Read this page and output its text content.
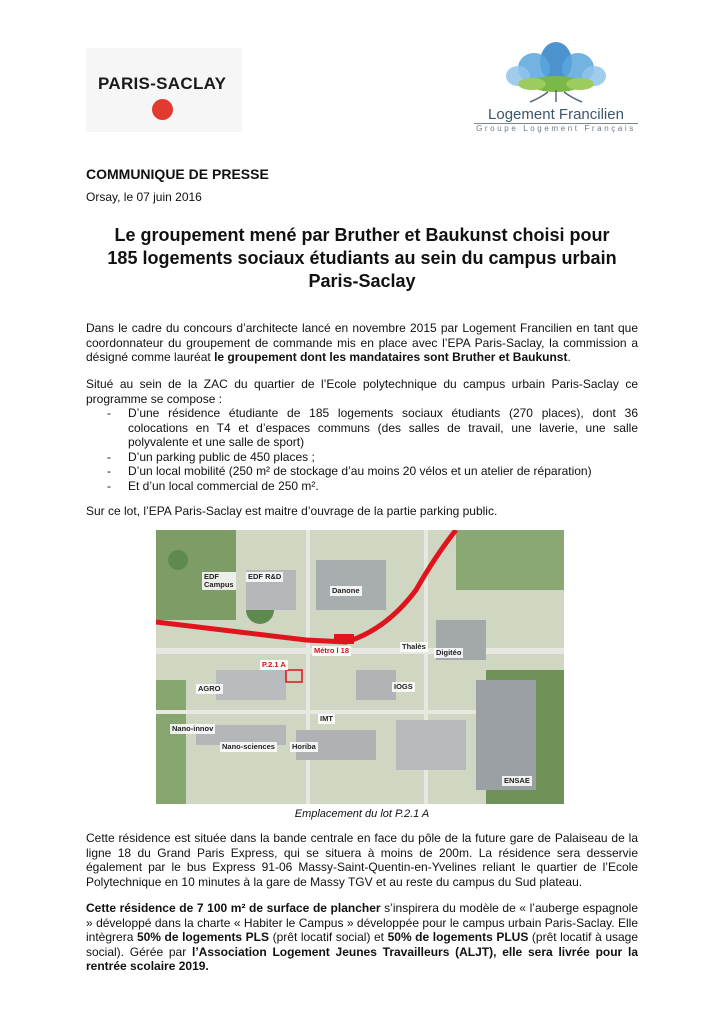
PARIS-SACLAY
Logement Francilien
Groupe Logement Français
COMMUNIQUE DE PRESSE
Orsay, le 07 juin 2016
Le groupement mené par Bruther et Baukunst choisi pour
185 logements sociaux étudiants au sein du campus urbain
Paris-Saclay
Dans le cadre du concours d’architecte lancé en novembre 2015 par Logement Francilien en tant que coordonnateur du groupement de commande mis en place avec l’EPA Paris-Saclay, la commission a désigné comme lauréat le groupement dont les mandataires sont Bruther et Baukunst.
Situé au sein de la ZAC du quartier de l’Ecole polytechnique du campus urbain Paris-Saclay ce programme se compose :
- D’une résidence étudiante de 185 logements sociaux étudiants (270 places), dont 36 colocations en T4 et d’espaces communs (des salles de travail, une laverie, une salle polyvalente et une salle de sport)
- D’un parking public de 450 places ;
- D’un local mobilité (250 m² de stockage d’au moins 20 vélos et un atelier de réparation)
- Et d’un local commercial de 250 m².
Sur ce lot, l’EPA Paris-Saclay est maitre d’ouvrage de la partie parking public.
EDF
Campus
EDF R&D
Danone
Thalès
Digitéo
Métro l 18
P.2.1 A
AGRO	IOGS
IMT
Nano-innov
Nano-sciences Horiba
ENSAE
Emplacement du lot P.2.1 A
Cette résidence est située dans la bande centrale en face du pôle de la future gare de Palaiseau de la ligne 18 du Grand Paris Express, qui se situera à moins de 200m. La résidence sera desservie également par le bus Express 91-06 Massy-Saint-Quentin-en-Yvelines reliant le quartier de l’Ecole Polytechnique en 10 minutes à la gare de Massy TGV et au reste du campus du Sud plateau.
Cette résidence de 7 100 m² de surface de plancher s’inspirera du modèle de « l’auberge espagnole » développé dans la charte « Habiter le Campus » développée pour le campus urbain Paris-Saclay. Elle intègrera 50% de logements PLS (prêt locatif social) et 50% de logements PLUS (prêt locatif à usage social). Gérée par l’Association Logement Jeunes Travailleurs (ALJT), elle sera livrée pour la rentrée scolaire 2019.
